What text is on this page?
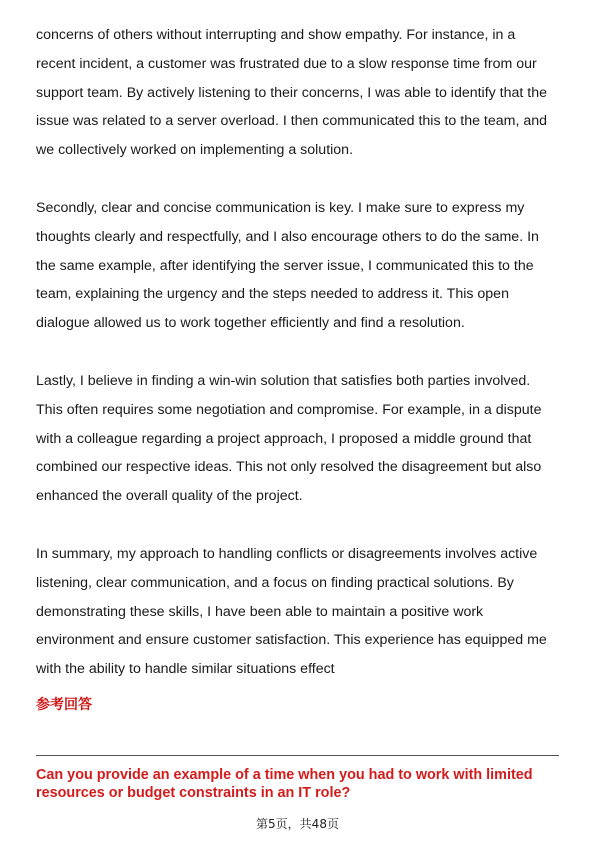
concerns of others without interrupting and show empathy. For instance, in a
recent incident, a customer was frustrated due to a slow response time from our
support team. By actively listening to their concerns, I was able to identify that the
issue was related to a server overload. I then communicated this to the team, and
we collectively worked on implementing a solution.
Secondly, clear and concise communication is key. I make sure to express my
thoughts clearly and respectfully, and I also encourage others to do the same. In
the same example, after identifying the server issue, I communicated this to the
team, explaining the urgency and the steps needed to address it. This open
dialogue allowed us to work together efficiently and find a resolution.
Lastly, I believe in finding a win-win solution that satisfies both parties involved.
This often requires some negotiation and compromise. For example, in a dispute
with a colleague regarding a project approach, I proposed a middle ground that
combined our respective ideas. This not only resolved the disagreement but also
enhanced the overall quality of the project.
In summary, my approach to handling conflicts or disagreements involves active
listening, clear communication, and a focus on finding practical solutions. By
demonstrating these skills, I have been able to maintain a positive work
environment and ensure customer satisfaction. This experience has equipped me
with the ability to handle similar situations effect
参考回答
Can you provide an example of a time when you had to work with limited
resources or budget constraints in an IT role?
第5页，共48页
